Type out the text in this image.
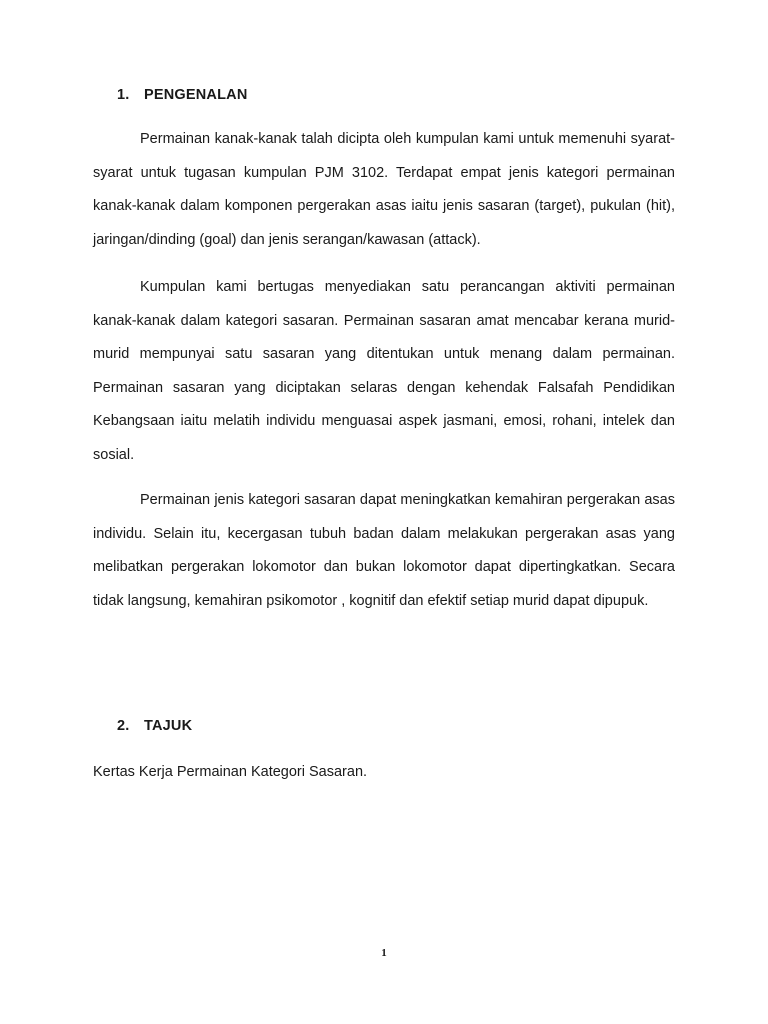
1. PENGENALAN

Permainan kanak-kanak talah dicipta oleh kumpulan kami untuk memenuhi syarat-syarat untuk tugasan kumpulan PJM 3102. Terdapat empat jenis kategori permainan kanak-kanak dalam komponen pergerakan asas iaitu jenis sasaran (target), pukulan (hit), jaringan/dinding (goal) dan jenis serangan/kawasan (attack).

Kumpulan kami bertugas menyediakan satu perancangan aktiviti permainan kanak-kanak dalam kategori sasaran. Permainan sasaran amat mencabar kerana murid-murid mempunyai satu sasaran yang ditentukan untuk menang dalam permainan. Permainan sasaran yang diciptakan selaras dengan kehendak Falsafah Pendidikan Kebangsaan iaitu melatih individu menguasai aspek jasmani, emosi, rohani, intelek dan sosial.

Permainan jenis kategori sasaran dapat meningkatkan kemahiran pergerakan asas individu. Selain itu, kecergasan tubuh badan dalam melakukan pergerakan asas yang melibatkan pergerakan lokomotor dan bukan lokomotor dapat dipertingkatkan. Secara tidak langsung, kemahiran psikomotor , kognitif dan efektif setiap murid dapat dipupuk.

2. TAJUK

Kertas Kerja Permainan Kategori Sasaran.

1
